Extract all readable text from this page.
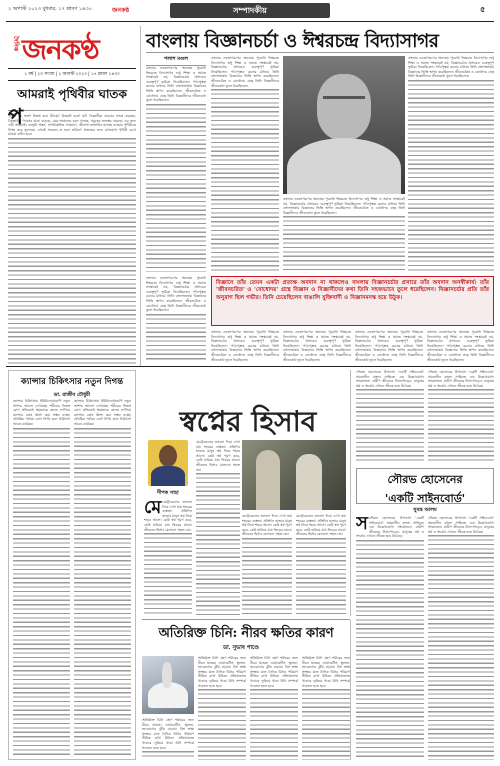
২ অগাস্ট ২০২৩ বুধবার, ১৭ শ্রাবণ ১৪৩০	জনকণ্ঠ	সম্পাদকীয়	৫
দৈনিক জনকণ্ঠ
১ বর্ষ | ২৩ সংখ্যা | ২ অগাস্ট ২০২৩ | ১৭ শ্রাবণ ১৪৩০
আমরাই পৃথিবীর ঘাতক
প

পৃথিবী কি ক্রমশ উত্তপ্ত হয়ে উঠছে? উত্তরটা হলো হ্যাঁ। বিজ্ঞানীরা বারবার সতর্ক করছেন, গ্রিনহাউস গ্যাসের মাত্রা বাড়ছে, মেরু অঞ্চলের বরফ গলছে, সমুদ্রের জলস্তর বাড়ছে। এর জন্য দায়ী আমরাই। বনভূমি ধ্বংস, অপরিকল্পিত নগরায়ণ, জীবাশ্ম জ্বালানির যথেচ্ছ ব্যবহার পৃথিবীকে বিপন্ন করে তুলেছে। এখনই সচেতন না হলে ভবিষ্যৎ প্রজন্মের জন্য বাসযোগ্য পৃথিবী রেখে যাওয়া কঠিন হবে।

বাংলায় বিজ্ঞানচর্চা ও ঈশ্বরচন্দ্র বিদ্যাসাগর
পলাশ মণ্ডল

বাংলার নবজাগরণের অন্যতম পুরোধা ঈশ্বরচন্দ্র বিদ্যাসাগর শুধু শিক্ষা ও সমাজ সংস্কারেই নয়, বিজ্ঞানচর্চার প্রসারেও গুরুত্বপূর্ণ ভূমিকা নিয়েছিলেন। পাঠ্যপুস্তক রচনার মাধ্যমে তিনি বাংলাভাষায় বিজ্ঞানের ভিত্তি স্থাপন করেছিলেন। জীবনচরিত ও বোধোদয় গ্রন্থে তিনি বিজ্ঞানীদের জীবনকথা তুলে ধরেছিলেন।

বাংলার নবজাগরণের অন্যতম পুরোধা ঈশ্বরচন্দ্র বিদ্যাসাগর শুধু শিক্ষা ও সমাজ সংস্কারেই নয়, বিজ্ঞানচর্চার প্রসারেও গুরুত্বপূর্ণ ভূমিকা নিয়েছিলেন। পাঠ্যপুস্তক রচনার মাধ্যমে তিনি বাংলাভাষায় বিজ্ঞানের ভিত্তি স্থাপন করেছিলেন। জীবনচরিত ও বোধোদয় গ্রন্থে তিনি বিজ্ঞানীদের জীবনকথা তুলে ধরেছিলেন।

বাংলার নবজাগরণের অন্যতম পুরোধা ঈশ্বরচন্দ্র বিদ্যাসাগর শুধু শিক্ষা ও সমাজ সংস্কারেই নয়, বিজ্ঞানচর্চার প্রসারেও গুরুত্বপূর্ণ ভূমিকা নিয়েছিলেন। পাঠ্যপুস্তক রচনার মাধ্যমে তিনি বাংলাভাষায় বিজ্ঞানের ভিত্তি স্থাপন করেছিলেন। জীবনচরিত ও বোধোদয় গ্রন্থে তিনি বিজ্ঞানীদের জীবনকথা তুলে ধরেছিলেন।

বাংলার নবজাগরণের অন্যতম পুরোধা ঈশ্বরচন্দ্র বিদ্যাসাগর শুধু শিক্ষা ও সমাজ সংস্কারেই নয়, বিজ্ঞানচর্চার প্রসারেও গুরুত্বপূর্ণ ভূমিকা নিয়েছিলেন। পাঠ্যপুস্তক রচনার মাধ্যমে তিনি বাংলাভাষায় বিজ্ঞানের ভিত্তি স্থাপন করেছিলেন। জীবনচরিত ও বোধোদয় গ্রন্থে তিনি বিজ্ঞানীদের জীবনকথা তুলে ধরেছিলেন।

বিজ্ঞানে তাঁর তেমন একটা প্রত্যক্ষ অবদান না থাকলেও বাংলায় বিজ্ঞানচর্চার প্রসারে তাঁর অবদান অনস্বীকার্য। তাঁর 'জীবনচরিত' ও 'বোধোদয়' গ্রন্থে বিজ্ঞান ও বিজ্ঞানীদের কথা তিনি সহজভাবে তুলে ধরেছিলেন। বিজ্ঞানচর্চার প্রতি তাঁর অনুরাগ ছিল গভীর। তিনি চেয়েছিলেন বাঙালি যুক্তিবাদী ও বিজ্ঞানমনস্ক হয়ে উঠুক।

বাংলার নবজাগরণের অন্যতম পুরোধা ঈশ্বরচন্দ্র বিদ্যাসাগর শুধু শিক্ষা ও সমাজ সংস্কারেই নয়, বিজ্ঞানচর্চার প্রসারেও গুরুত্বপূর্ণ ভূমিকা নিয়েছিলেন। পাঠ্যপুস্তক রচনার মাধ্যমে তিনি বাংলাভাষায় বিজ্ঞানের ভিত্তি স্থাপন করেছিলেন। জীবনচরিত ও বোধোদয় গ্রন্থে তিনি বিজ্ঞানীদের জীবনকথা তুলে ধরেছিলেন।

বাংলার নবজাগরণের অন্যতম পুরোধা ঈশ্বরচন্দ্র বিদ্যাসাগর শুধু শিক্ষা ও সমাজ সংস্কারেই নয়, বিজ্ঞানচর্চার প্রসারেও গুরুত্বপূর্ণ ভূমিকা নিয়েছিলেন। পাঠ্যপুস্তক রচনার মাধ্যমে তিনি বাংলাভাষায় বিজ্ঞানের ভিত্তি স্থাপন করেছিলেন। জীবনচরিত ও বোধোদয় গ্রন্থে তিনি বিজ্ঞানীদের জীবনকথা তুলে ধরেছিলেন।

বাংলার নবজাগরণের অন্যতম পুরোধা ঈশ্বরচন্দ্র বিদ্যাসাগর শুধু শিক্ষা ও সমাজ সংস্কারেই নয়, বিজ্ঞানচর্চার প্রসারেও গুরুত্বপূর্ণ ভূমিকা নিয়েছিলেন। পাঠ্যপুস্তক রচনার মাধ্যমে তিনি বাংলাভাষায় বিজ্ঞানের ভিত্তি স্থাপন করেছিলেন। জীবনচরিত ও বোধোদয় গ্রন্থে তিনি বিজ্ঞানীদের জীবনকথা তুলে ধরেছিলেন।

বাংলার নবজাগরণের অন্যতম পুরোধা ঈশ্বরচন্দ্র বিদ্যাসাগর শুধু শিক্ষা ও সমাজ সংস্কারেই নয়, বিজ্ঞানচর্চার প্রসারেও গুরুত্বপূর্ণ ভূমিকা নিয়েছিলেন। পাঠ্যপুস্তক রচনার মাধ্যমে তিনি বাংলাভাষায় বিজ্ঞানের ভিত্তি স্থাপন করেছিলেন। জীবনচরিত ও বোধোদয় গ্রন্থে তিনি বিজ্ঞানীদের জীবনকথা তুলে ধরেছিলেন।

বাংলার নবজাগরণের অন্যতম পুরোধা ঈশ্বরচন্দ্র বিদ্যাসাগর শুধু শিক্ষা ও সমাজ সংস্কারেই নয়, বিজ্ঞানচর্চার প্রসারেও গুরুত্বপূর্ণ ভূমিকা নিয়েছিলেন। পাঠ্যপুস্তক রচনার মাধ্যমে তিনি বাংলাভাষায় বিজ্ঞানের ভিত্তি স্থাপন করেছিলেন। জীবনচরিত ও বোধোদয় গ্রন্থে তিনি বিজ্ঞানীদের জীবনকথা তুলে ধরেছিলেন।

ক্যান্সার চিকিৎসার নতুন দিগন্ত
ডা. রাজীব চৌধুরী

ক্যান্সার চিকিৎসায় ইমিউনোথেরাপি নতুন আশার আলো দেখাচ্ছে। শরীরের নিজস্ব রোগ প্রতিরোধ ক্ষমতাকে কাজে লাগিয়ে ক্যান্সার কোষ ধ্বংস করা সম্ভব হচ্ছে। প্রাথমিক পর্যায়ে রোগ নির্ণয় হলে চিকিৎসা আরও কার্যকর।

ক্যান্সার চিকিৎসায় ইমিউনোথেরাপি নতুন আশার আলো দেখাচ্ছে। শরীরের নিজস্ব রোগ প্রতিরোধ ক্ষমতাকে কাজে লাগিয়ে ক্যান্সার কোষ ধ্বংস করা সম্ভব হচ্ছে। প্রাথমিক পর্যায়ে রোগ নির্ণয় হলে চিকিৎসা আরও কার্যকর।	স্বপ্নের হিসাব
দীপক সাহা
মে মেট্রোরেলের জানলা দিয়ে দেখা যায় শহরের ব্যস্ততা। প্রতিদিন হাজার মানুষ স্বপ্ন নিয়ে শহরে আসে। কেউ স্বপ্ন পূরণ করে, কেউ হারিয়ে যায় ভিড়ের মাঝে। জীবনের হিসাব মেলানো সহজ নয়।

মেট্রোরেলের জানলা দিয়ে দেখা যায় শহরের ব্যস্ততা। প্রতিদিন হাজার মানুষ স্বপ্ন নিয়ে শহরে আসে। কেউ স্বপ্ন পূরণ করে, কেউ হারিয়ে যায় ভিড়ের মাঝে। জীবনের হিসাব মেলানো সহজ নয়।

মেট্রোরেলের জানলা দিয়ে দেখা যায় শহরের ব্যস্ততা। প্রতিদিন হাজার মানুষ স্বপ্ন নিয়ে শহরে আসে। কেউ স্বপ্ন পূরণ করে, কেউ হারিয়ে যায় ভিড়ের মাঝে। জীবনের হিসাব মেলানো সহজ নয়।

মেট্রোরেলের জানলা দিয়ে দেখা যায় শহরের ব্যস্ততা। প্রতিদিন হাজার মানুষ স্বপ্ন নিয়ে শহরে আসে। কেউ স্বপ্ন পূরণ করে, কেউ হারিয়ে যায় ভিড়ের মাঝে। জীবনের হিসাব মেলানো সহজ নয়।

সৌরভ হোসেনের
'একটি সাইনবোর্ড'
সুমন্ত্র আলম

সৌরভ হোসেনের উপন্যাস 'একটি সাইনবোর্ড' সমকালীন বাংলা সাহিত্যে এক উল্লেখযোগ্য সংযোজন। গ্রামীণ জীবনের টানাপোড়েন, মানুষের স্বপ্ন ও সংগ্রাম এখানে জীবন্ত হয়ে উঠেছে।

সৌরভ হোসেনের উপন্যাস 'একটি সাইনবোর্ড' সমকালীন বাংলা সাহিত্যে এক উল্লেখযোগ্য সংযোজন। গ্রামীণ জীবনের টানাপোড়েন, মানুষের স্বপ্ন ও সংগ্রাম এখানে জীবন্ত হয়ে উঠেছে।

স সৌরভ হোসেনের উপন্যাস 'একটি সাইনবোর্ড' সমকালীন বাংলা সাহিত্যে এক উল্লেখযোগ্য সংযোজন। গ্রামীণ জীবনের টানাপোড়েন, মানুষের স্বপ্ন ও সংগ্রাম এখানে জীবন্ত হয়ে উঠেছে।

সৌরভ হোসেনের উপন্যাস 'একটি সাইনবোর্ড' সমকালীন বাংলা সাহিত্যে এক উল্লেখযোগ্য সংযোজন। গ্রামীণ জীবনের টানাপোড়েন, মানুষের স্বপ্ন ও সংগ্রাম এখানে জীবন্ত হয়ে উঠেছে।

অতিরিক্ত চিনি: নীরব ক্ষতির কারণ
ডা. সুভাষ পাণ্ডে

অতিরিক্ত চিনি গ্রহণ শরীরের জন্য নীরব ঘাতক। ডায়াবেটিস, স্থূলতা, হৃদরোগের ঝুঁকি বাড়ায়। বিশ্ব স্বাস্থ্য সংস্থার মতে দৈনিক চিনির পরিমাণ সীমিত রাখা উচিত। প্রক্রিয়াজাত খাবারে লুকিয়ে থাকা চিনি সম্পর্কে সচেতন হতে হবে।

অতিরিক্ত চিনি গ্রহণ শরীরের জন্য নীরব ঘাতক। ডায়াবেটিস, স্থূলতা, হৃদরোগের ঝুঁকি বাড়ায়। বিশ্ব স্বাস্থ্য সংস্থার মতে দৈনিক চিনির পরিমাণ সীমিত রাখা উচিত। প্রক্রিয়াজাত খাবারে লুকিয়ে থাকা চিনি সম্পর্কে সচেতন হতে হবে।

অতিরিক্ত চিনি গ্রহণ শরীরের জন্য নীরব ঘাতক। ডায়াবেটিস, স্থূলতা, হৃদরোগের ঝুঁকি বাড়ায়। বিশ্ব স্বাস্থ্য সংস্থার মতে দৈনিক চিনির পরিমাণ সীমিত রাখা উচিত। প্রক্রিয়াজাত খাবারে লুকিয়ে থাকা চিনি সম্পর্কে সচেতন হতে হবে।

অতিরিক্ত চিনি গ্রহণ শরীরের জন্য নীরব ঘাতক। ডায়াবেটিস, স্থূলতা, হৃদরোগের ঝুঁকি বাড়ায়। বিশ্ব স্বাস্থ্য সংস্থার মতে দৈনিক চিনির পরিমাণ সীমিত রাখা উচিত। প্রক্রিয়াজাত খাবারে লুকিয়ে থাকা চিনি সম্পর্কে সচেতন হতে হবে।
